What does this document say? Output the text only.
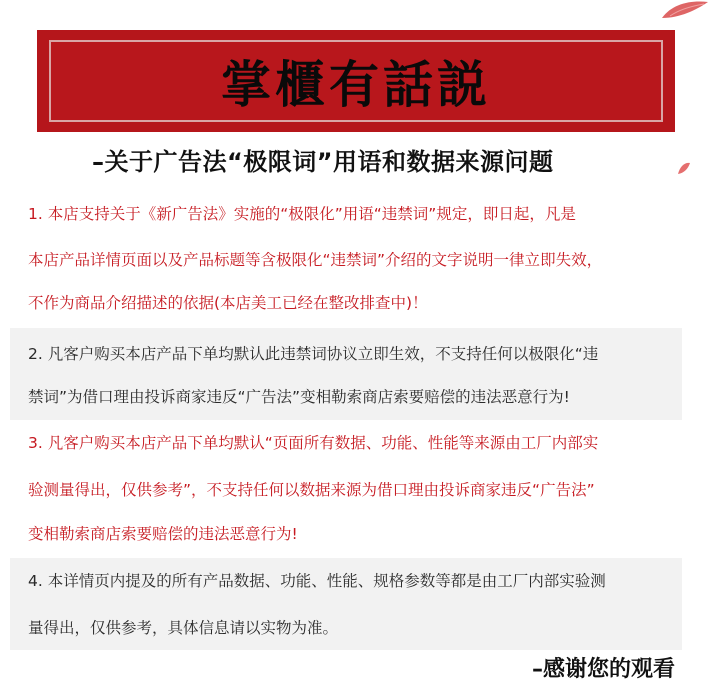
掌櫃有話説
–关于广告法“极限词”用语和数据来源问题
1. 本店支持关于《新广告法》实施的“极限化”用语“违禁词”规定，即日起，凡是
本店产品详情页面以及产品标题等含极限化“违禁词”介绍的文字说明一律立即失效，
不作为商品介绍描述的依据(本店美工已经在整改排查中)！
2. 凡客户购买本店产品下单均默认此违禁词协议立即生效，不支持任何以极限化“违
禁词”为借口理由投诉商家违反“广告法”变相勒索商店索要赔偿的违法恶意行为!
3. 凡客户购买本店产品下单均默认“页面所有数据、功能、性能等来源由工厂内部实
验测量得出，仅供参考”，不支持任何以数据来源为借口理由投诉商家违反“广告法”
变相勒索商店索要赔偿的违法恶意行为!
4. 本详情页内提及的所有产品数据、功能、性能、规格参数等都是由工厂内部实验测
量得出，仅供参考，具体信息请以实物为准。
–感谢您的观看
